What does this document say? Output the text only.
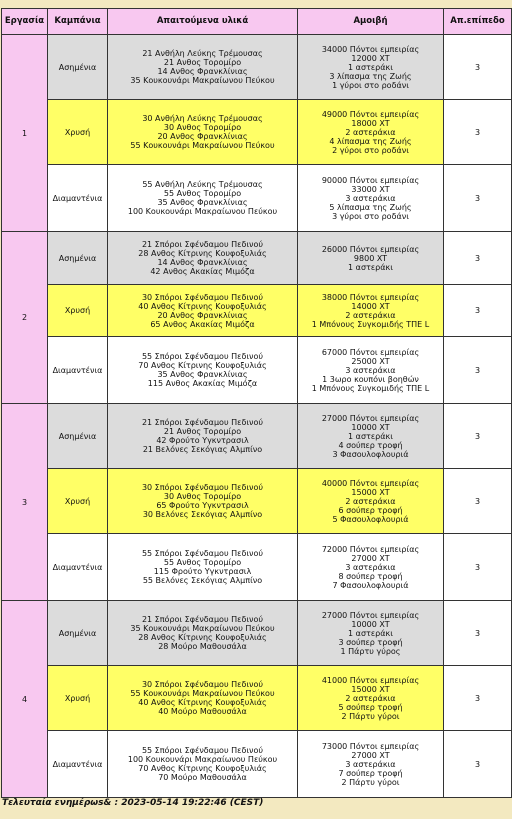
Εργασία	Καμπάνια	Απαιτούμενα υλικά	Αμοιβή	Απ.επίπεδο
1	Ασημένια	21 Ανθήλη Λεύκης Τρέμουσας
21 Ανθος Τορομίρο
14 Ανθος Φρανκλίνιας
35 Κουκουνάρι Μακραίωνου Πεύκου	34000 Πόντοι εμπειρίας
12000 XT
1 αστεράκι
3 λίπασμα της Ζωής
1 γύροι στο ροδάνι	3
	Χρυσή	30 Ανθήλη Λεύκης Τρέμουσας
30 Ανθος Τορομίρο
20 Ανθος Φρανκλίνιας
55 Κουκουνάρι Μακραίωνου Πεύκου	49000 Πόντοι εμπειρίας
18000 XT
2 αστεράκια
4 λίπασμα της Ζωής
2 γύροι στο ροδάνι	3
	Διαμαντένια	55 Ανθήλη Λεύκης Τρέμουσας
55 Ανθος Τορομίρο
35 Ανθος Φρανκλίνιας
100 Κουκουνάρι Μακραίωνου Πεύκου	90000 Πόντοι εμπειρίας
33000 XT
3 αστεράκια
5 λίπασμα της Ζωής
3 γύροι στο ροδάνι	3
2	Ασημένια	21 Σπόροι Σφένδαμου Πεδινού
28 Ανθος Κίτρινης Κουφοξυλιάς
14 Ανθος Φρανκλίνιας
42 Ανθος Ακακίας Μιμόζα	26000 Πόντοι εμπειρίας
9800 XT
1 αστεράκι	3
	Χρυσή	30 Σπόροι Σφένδαμου Πεδινού
40 Ανθος Κίτρινης Κουφοξυλιάς
20 Ανθος Φρανκλίνιας
65 Ανθος Ακακίας Μιμόζα	38000 Πόντοι εμπειρίας
14000 XT
2 αστεράκια
1 Μπόνους Συγκομιδής ΤΠΕ L	3
	Διαμαντένια	55 Σπόροι Σφένδαμου Πεδινού
70 Ανθος Κίτρινης Κουφοξυλιάς
35 Ανθος Φρανκλίνιας
115 Ανθος Ακακίας Μιμόζα	67000 Πόντοι εμπειρίας
25000 XT
3 αστεράκια
1 3ωρο κουπόνι βοηθών
1 Μπόνους Συγκομιδής ΤΠΕ L	3
3	Ασημένια	21 Σπόροι Σφένδαμου Πεδινού
21 Ανθος Τορομίρο
42 Φρούτο Υγκντρασιλ
21 Βελόνες Σεκόγιας Αλμπίνο	27000 Πόντοι εμπειρίας
10000 XT
1 αστεράκι
4 σούπερ τροφή
3 Φασουλοφλουριά	3
	Χρυσή	30 Σπόροι Σφένδαμου Πεδινού
30 Ανθος Τορομίρο
65 Φρούτο Υγκντρασιλ
30 Βελόνες Σεκόγιας Αλμπίνο	40000 Πόντοι εμπειρίας
15000 XT
2 αστεράκια
6 σούπερ τροφή
5 Φασουλοφλουριά	3
	Διαμαντένια	55 Σπόροι Σφένδαμου Πεδινού
55 Ανθος Τορομίρο
115 Φρούτο Υγκντρασιλ
55 Βελόνες Σεκόγιας Αλμπίνο	72000 Πόντοι εμπειρίας
27000 XT
3 αστεράκια
8 σούπερ τροφή
7 Φασουλοφλουριά	3
4	Ασημένια	21 Σπόροι Σφένδαμου Πεδινού
35 Κουκουνάρι Μακραίωνου Πεύκου
28 Ανθος Κίτρινης Κουφοξυλιάς
28 Μούρο Μαθουσάλα	27000 Πόντοι εμπειρίας
10000 XT
1 αστεράκι
3 σούπερ τροφή
1 Πάρτυ γύρος	3
	Χρυσή	30 Σπόροι Σφένδαμου Πεδινού
55 Κουκουνάρι Μακραίωνου Πεύκου
40 Ανθος Κίτρινης Κουφοξυλιάς
40 Μούρο Μαθουσάλα	41000 Πόντοι εμπειρίας
15000 XT
2 αστεράκια
5 σούπερ τροφή
2 Πάρτυ γύροι	3
	Διαμαντένια	55 Σπόροι Σφένδαμου Πεδινού
100 Κουκουνάρι Μακραίωνου Πεύκου
70 Ανθος Κίτρινης Κουφοξυλιάς
70 Μούρο Μαθουσάλα	73000 Πόντοι εμπειρίας
27000 XT
3 αστεράκια
7 σούπερ τροφή
2 Πάρτυ γύροι	3
Τελευταία ενημέρωs& : 2023-05-14 19:22:46 (CEST)
